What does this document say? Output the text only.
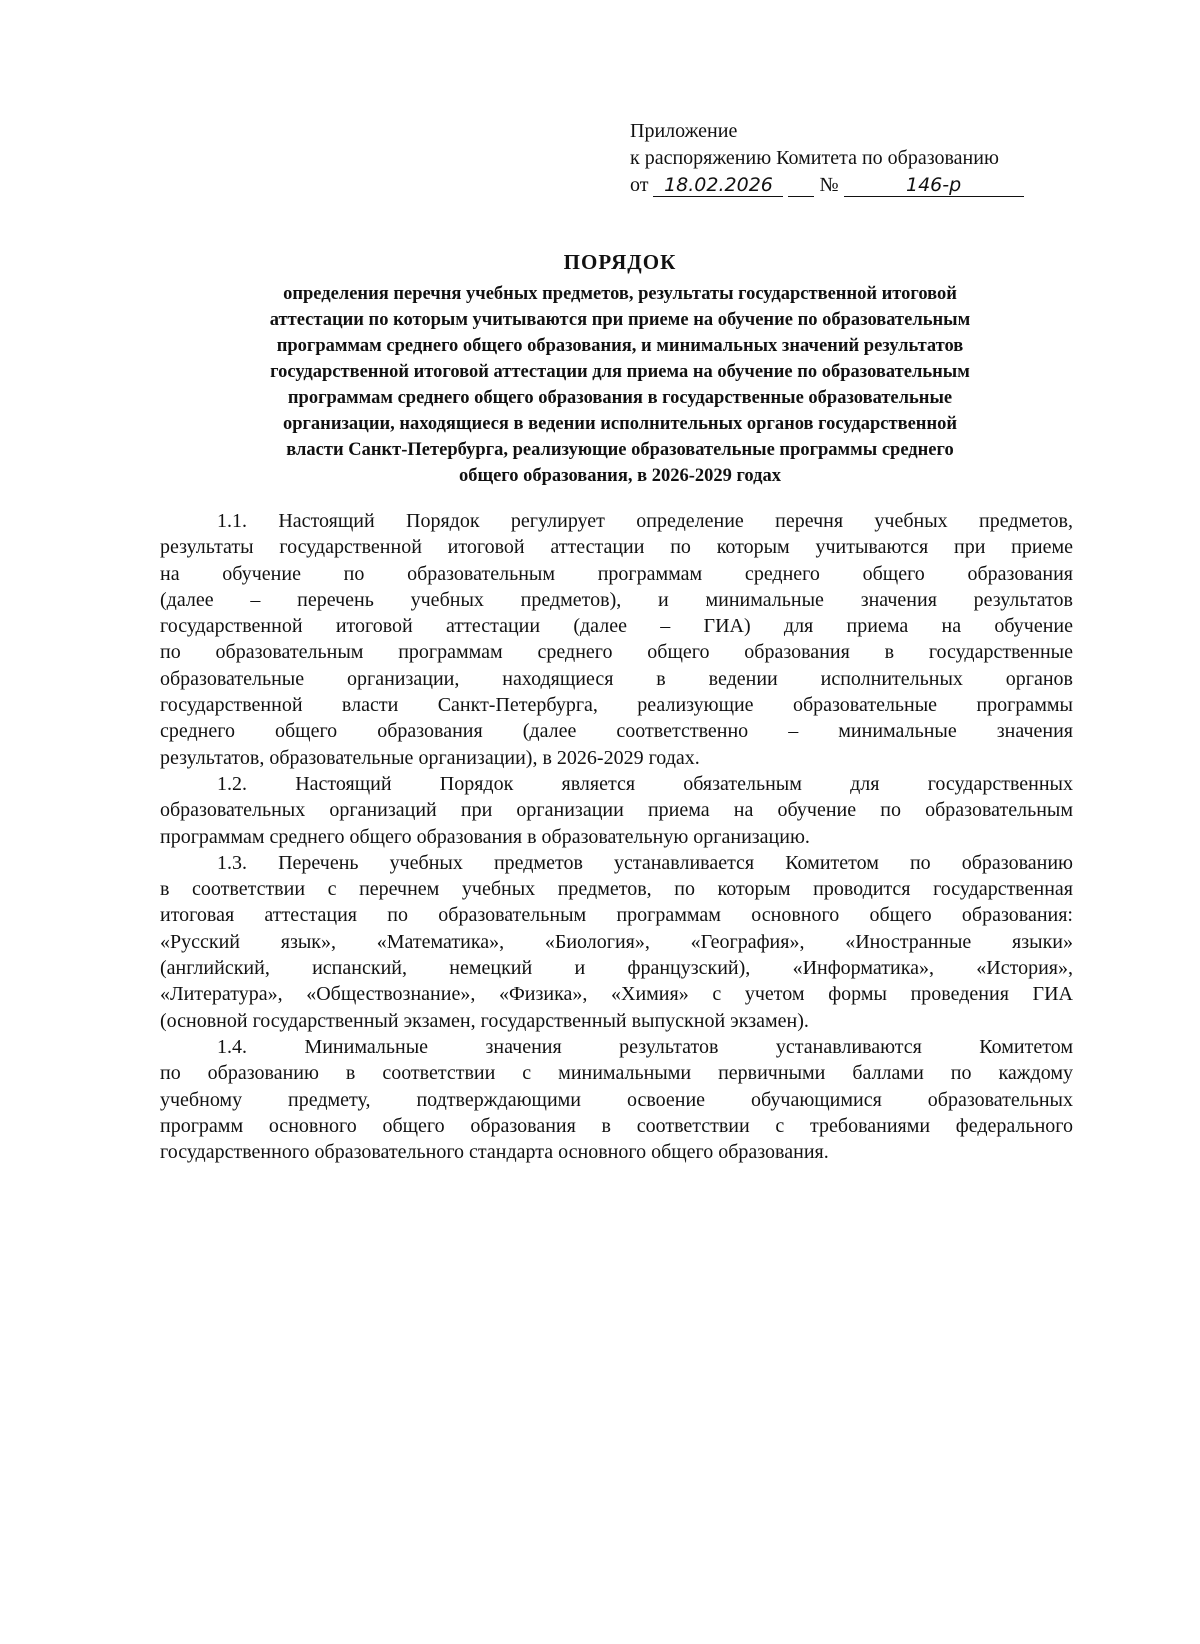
Приложение
к распоряжению Комитета по образованию
от 18.02.2026 №	146-р
ПОРЯДОК
определения перечня учебных предметов, результаты государственной итоговой
аттестации по которым учитываются при приеме на обучение по образовательным
программам среднего общего образования, и минимальных значений результатов
государственной итоговой аттестации для приема на обучение по образовательным
программам среднего общего образования в государственные образовательные
организации, находящиеся в ведении исполнительных органов государственной
власти Санкт-Петербурга, реализующие образовательные программы среднего
общего образования, в 2026-2029 годах
1.1. Настоящий Порядок регулирует определение перечня учебных предметов,
результаты государственной итоговой аттестации по которым учитываются при приеме
на обучение по образовательным программам среднего общего образования
(далее – перечень учебных предметов), и минимальные значения результатов
государственной итоговой аттестации (далее – ГИА) для приема на обучение
по образовательным программам среднего общего образования в государственные
образовательные организации, находящиеся в ведении исполнительных органов
государственной власти Санкт-Петербурга, реализующие образовательные программы
среднего общего образования (далее соответственно – минимальные значения
результатов, образовательные организации), в 2026-2029 годах.
1.2. Настоящий Порядок является обязательным для государственных
образовательных организаций при организации приема на обучение по образовательным
программам среднего общего образования в образовательную организацию.
1.3. Перечень учебных предметов устанавливается Комитетом по образованию
в соответствии с перечнем учебных предметов, по которым проводится государственная
итоговая аттестация по образовательным программам основного общего образования:
«Русский язык», «Математика», «Биология», «География», «Иностранные языки»
(английский, испанский, немецкий и французский), «Информатика», «История»,
«Литература», «Обществознание», «Физика», «Химия» с учетом формы проведения ГИА
(основной государственный экзамен, государственный выпускной экзамен).
1.4. Минимальные значения результатов устанавливаются Комитетом
по образованию в соответствии с минимальными первичными баллами по каждому
учебному предмету, подтверждающими освоение обучающимися образовательных
программ основного общего образования в соответствии с требованиями федерального
государственного образовательного стандарта основного общего образования.
